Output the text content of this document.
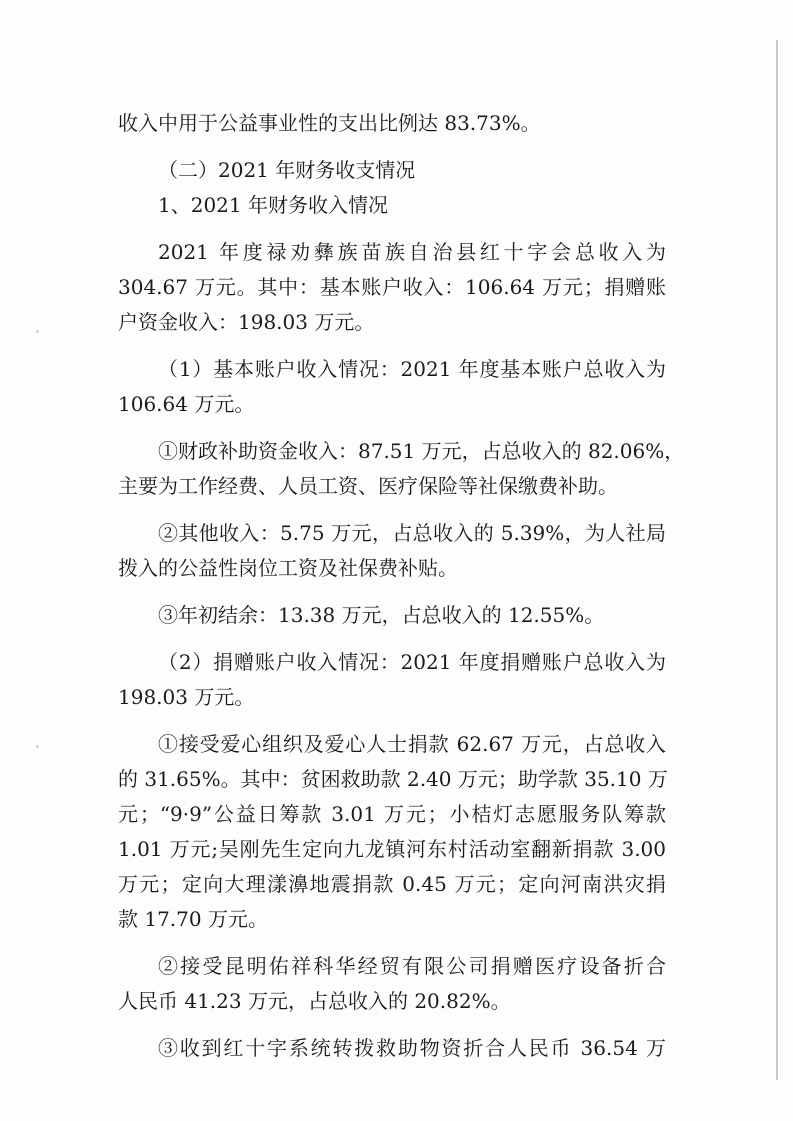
收入中用于公益事业性的支出比例达 83.73%。
（二）2021 年财务收支情况
1、2021 年财务收入情况
2021 年度禄劝彝族苗族自治县红十字会总收入为
304.67 万元。其中：基本账户收入：106.64 万元；捐赠账
户资金收入：198.03 万元。
（1）基本账户收入情况：2021 年度基本账户总收入为
106.64 万元。
①财政补助资金收入：87.51 万元，占总收入的 82.06%，
主要为工作经费、人员工资、医疗保险等社保缴费补助。
②其他收入：5.75 万元，占总收入的 5.39%，为人社局
拨入的公益性岗位工资及社保费补贴。
③年初结余：13.38 万元，占总收入的 12.55%。
（2）捐赠账户收入情况：2021 年度捐赠账户总收入为
198.03 万元。
①接受爱心组织及爱心人士捐款 62.67 万元，占总收入
的 31.65%。其中：贫困救助款 2.40 万元；助学款 35.10 万
元；“9·9”公益日筹款 3.01 万元；小桔灯志愿服务队筹款
1.01 万元;吴刚先生定向九龙镇河东村活动室翻新捐款 3.00
万元；定向大理漾濞地震捐款 0.45 万元；定向河南洪灾捐
款 17.70 万元。
②接受昆明佑祥科华经贸有限公司捐赠医疗设备折合
人民币 41.23 万元，占总收入的 20.82%。
③收到红十字系统转拨救助物资折合人民币 36.54 万
